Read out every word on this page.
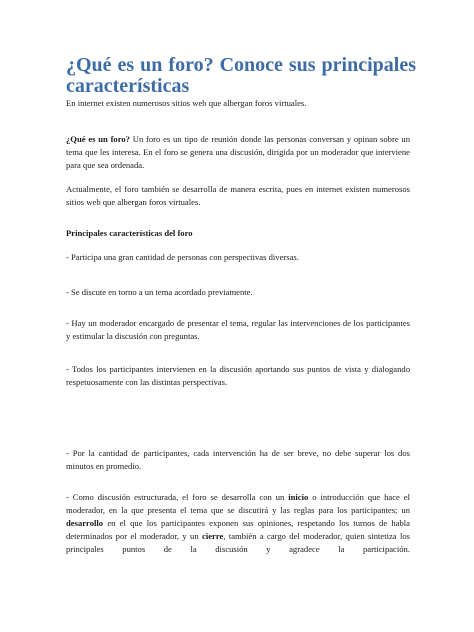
¿Qué es un foro? Conoce sus principales
características

En internet existen numerosos sitios web que albergan foros virtuales.

¿Qué es un foro? Un foro es un tipo de reunión donde las personas conversan y opinan sobre un tema que les interesa. En el foro se genera una discusión, dirigida por un moderador que interviene para que sea ordenada.

Actualmente, el foro también se desarrolla de manera escrita, pues en internet existen numerosos sitios web que albergan foros virtuales.

Principales características del foro

- Participa una gran cantidad de personas con perspectivas diversas.

- Se discute en torno a un tema acordado previamente.

- Hay un moderador encargado de presentar el tema, regular las intervenciones de los participantes y estimular la discusión con preguntas.

- Todos los participantes intervienen en la discusión aportando sus puntos de vista y dialogando respetuosamente con las distintas perspectivas.

- Por la cantidad de participantes, cada intervención ha de ser breve, no debe superar los dos minutos en promedio.

- Como discusión estructurada, el foro se desarrolla con un inicio o introducción que hace el moderador, en la que presenta el tema que se discutirá y las reglas para los participantes; un desarrollo en el que los participantes exponen sus opiniones, respetando los turnos de habla determinados por el moderador, y un cierre, también a cargo del moderador, quien sintetiza los principales puntos de la discusión y agradece la participación.
